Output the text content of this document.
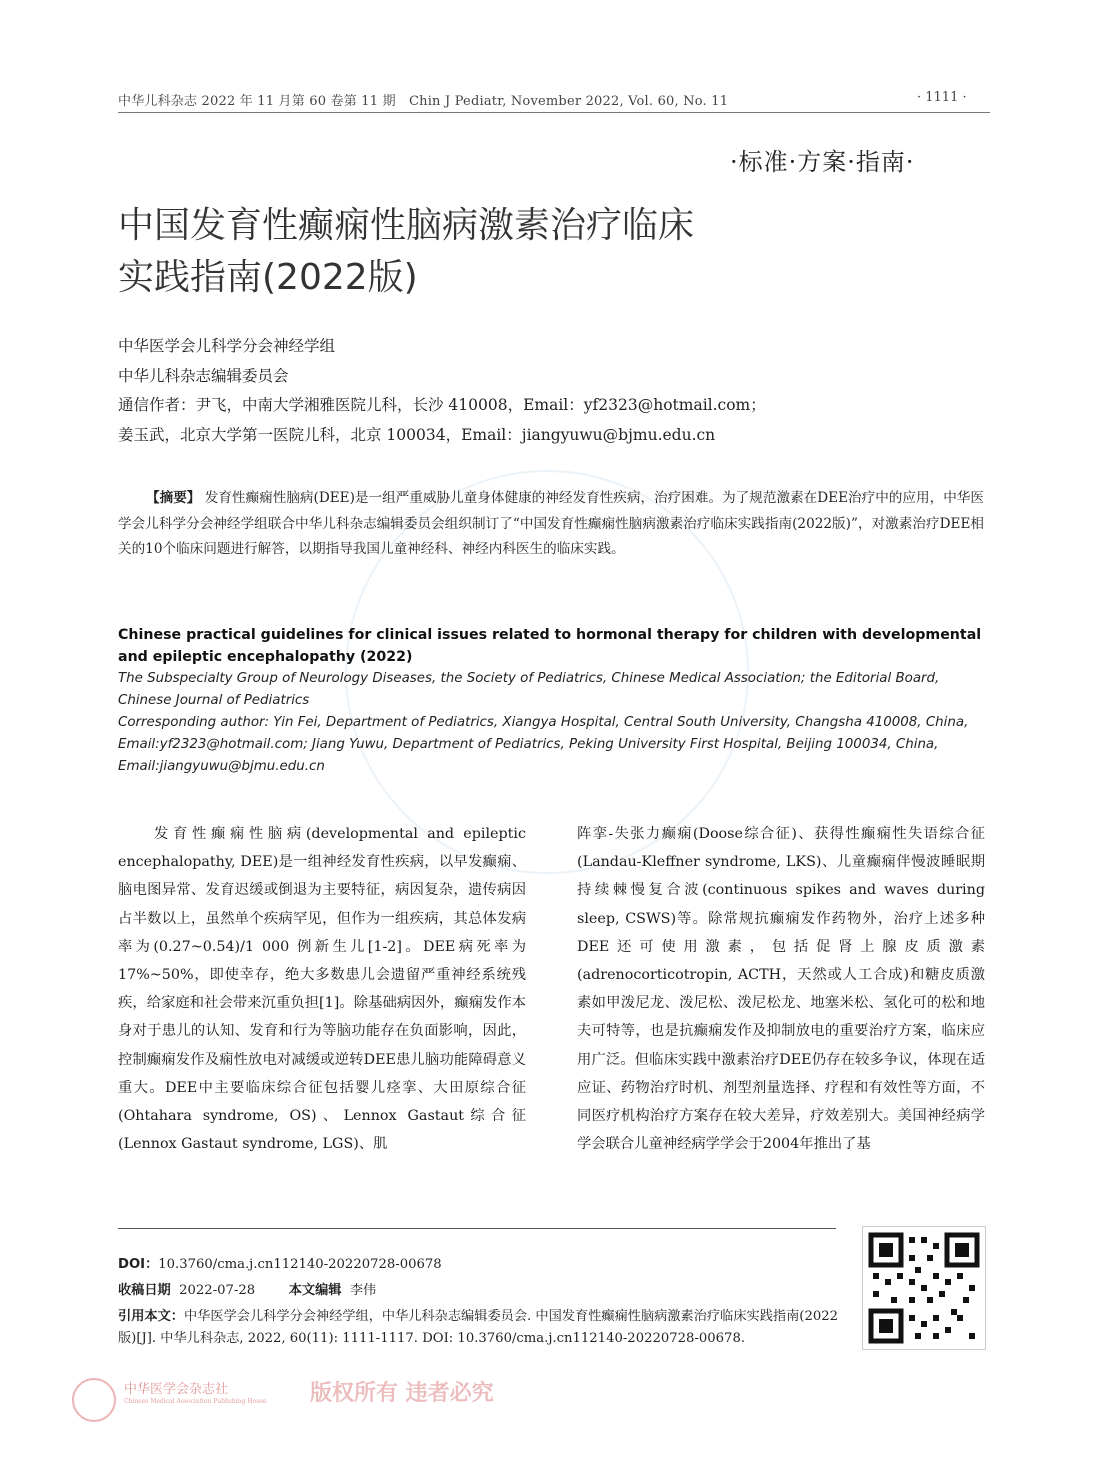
中华儿科杂志 2022 年 11 月第 60 卷第 11 期　Chin J Pediatr, November 2022, Vol. 60, No. 11	· 1111 ·
·标准·方案·指南·
中国发育性癫痫性脑病激素治疗临床
实践指南(2022版)
中华医学会儿科学分会神经学组
中华儿科杂志编辑委员会
通信作者：尹飞，中南大学湘雅医院儿科，长沙 410008，Email：yf2323@hotmail.com；
姜玉武，北京大学第一医院儿科，北京 100034，Email：jiangyuwu@bjmu.edu.cn
【摘要】 发育性癫痫性脑病(DEE)是一组严重威胁儿童身体健康的神经发育性疾病，治疗困难。为了规范激素在DEE治疗中的应用，中华医学会儿科学分会神经学组联合中华儿科杂志编辑委员会组织制订了“中国发育性癫痫性脑病激素治疗临床实践指南(2022版)”，对激素治疗DEE相关的10个临床问题进行解答，以期指导我国儿童神经科、神经内科医生的临床实践。
Chinese practical guidelines for clinical issues related to hormonal therapy for children with developmental and epileptic encephalopathy (2022)
The Subspecialty Group of Neurology Diseases, the Society of Pediatrics, Chinese Medical Association; the Editorial Board, Chinese Journal of Pediatrics
Corresponding author: Yin Fei, Department of Pediatrics, Xiangya Hospital, Central South University, Changsha 410008, China, Email:yf2323@hotmail.com; Jiang Yuwu, Department of Pediatrics, Peking University First Hospital, Beijing 100034, China, Email:jiangyuwu@bjmu.edu.cn

发育性癫痫性脑病(developmental and epileptic encephalopathy, DEE)是一组神经发育性疾病，以早发癫痫、脑电图异常、发育迟缓或倒退为主要特征，病因复杂，遗传病因占半数以上，虽然单个疾病罕见，但作为一组疾病，其总体发病率为(0.27~0.54)/1 000 例新生儿[1-2]。DEE病死率为17%~50%，即使幸存，绝大多数患儿会遗留严重神经系统残疾，给家庭和社会带来沉重负担[1]。除基础病因外，癫痫发作本身对于患儿的认知、发育和行为等脑功能存在负面影响，因此，控制癫痫发作及痫性放电对减缓或逆转DEE患儿脑功能障碍意义重大。DEE中主要临床综合征包括婴儿痉挛、大田原综合征(Ohtahara syndrome, OS)、Lennox Gastaut综合征(Lennox Gastaut syndrome, LGS)、肌

阵挛-失张力癫痫(Doose综合征)、获得性癫痫性失语综合征(Landau-Kleffner syndrome, LKS)、儿童癫痫伴慢波睡眠期持续棘慢复合波(continuous spikes and waves during sleep, CSWS)等。除常规抗癫痫发作药物外，治疗上述多种DEE还可使用激素，包括促肾上腺皮质激素(adrenocorticotropin, ACTH，天然或人工合成)和糖皮质激素如甲泼尼龙、泼尼松、泼尼松龙、地塞米松、氢化可的松和地夫可特等，也是抗癫痫发作及抑制放电的重要治疗方案，临床应用广泛。但临床实践中激素治疗DEE仍存在较多争议，体现在适应证、药物治疗时机、剂型剂量选择、疗程和有效性等方面，不同医疗机构治疗方案存在较大差异，疗效差别大。美国神经病学学会联合儿童神经病学学会于2004年推出了基

DOI：10.3760/cma.j.cn112140-20220728-00678
收稿日期 2022-07-28	本文编辑 李伟
引用本文：中华医学会儿科学分会神经学组，中华儿科杂志编辑委员会. 中国发育性癫痫性脑病激素治疗临床实践指南(2022版)[J]. 中华儿科杂志, 2022, 60(11): 1111-1117. DOI: 10.3760/cma.j.cn112140-20220728-00678.
中华医学会杂志社
Chinese Medical Association Publishing House 版权所有 违者必究
